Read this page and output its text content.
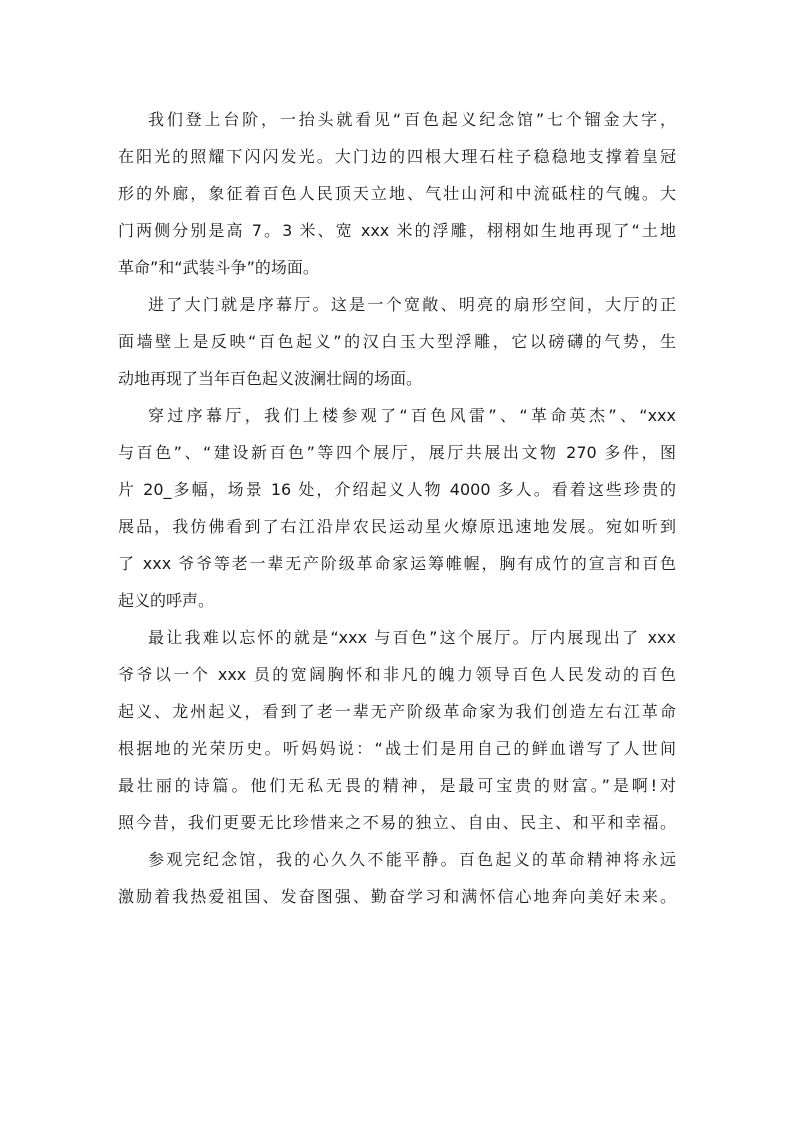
我们登上台阶，一抬头就看见“百色起义纪念馆”七个镏金大字，
在阳光的照耀下闪闪发光。大门边的四根大理石柱子稳稳地支撑着皇冠
形的外廊，象征着百色人民顶天立地、气壮山河和中流砥柱的气魄。大
门两侧分别是高 7。3 米、宽 xxx 米的浮雕，栩栩如生地再现了“土地
革命”和“武装斗争”的场面。
进了大门就是序幕厅。这是一个宽敞、明亮的扇形空间，大厅的正
面墙壁上是反映“百色起义”的汉白玉大型浮雕，它以磅礴的气势，生
动地再现了当年百色起义波澜壮阔的场面。
穿过序幕厅，我们上楼参观了“百色风雷”、“革命英杰”、“xxx
与百色”、“建设新百色”等四个展厅，展厅共展出文物 270 多件，图
片 20_多幅，场景 16 处，介绍起义人物 4000 多人。看着这些珍贵的
展品，我仿佛看到了右江沿岸农民运动星火燎原迅速地发展。宛如听到
了 xxx 爷爷等老一辈无产阶级革命家运筹帷幄，胸有成竹的宣言和百色
起义的呼声。
最让我难以忘怀的就是“xxx 与百色”这个展厅。厅内展现出了 xxx
爷爷以一个 xxx 员的宽阔胸怀和非凡的魄力领导百色人民发动的百色
起义、龙州起义，看到了老一辈无产阶级革命家为我们创造左右江革命
根据地的光荣历史。听妈妈说：“战士们是用自己的鲜血谱写了人世间
最壮丽的诗篇。他们无私无畏的精神，是最可宝贵的财富。”是啊!对
照今昔，我们更要无比珍惜来之不易的独立、自由、民主、和平和幸福。
参观完纪念馆，我的心久久不能平静。百色起义的革命精神将永远
激励着我热爱祖国、发奋图强、勤奋学习和满怀信心地奔向美好未来。
